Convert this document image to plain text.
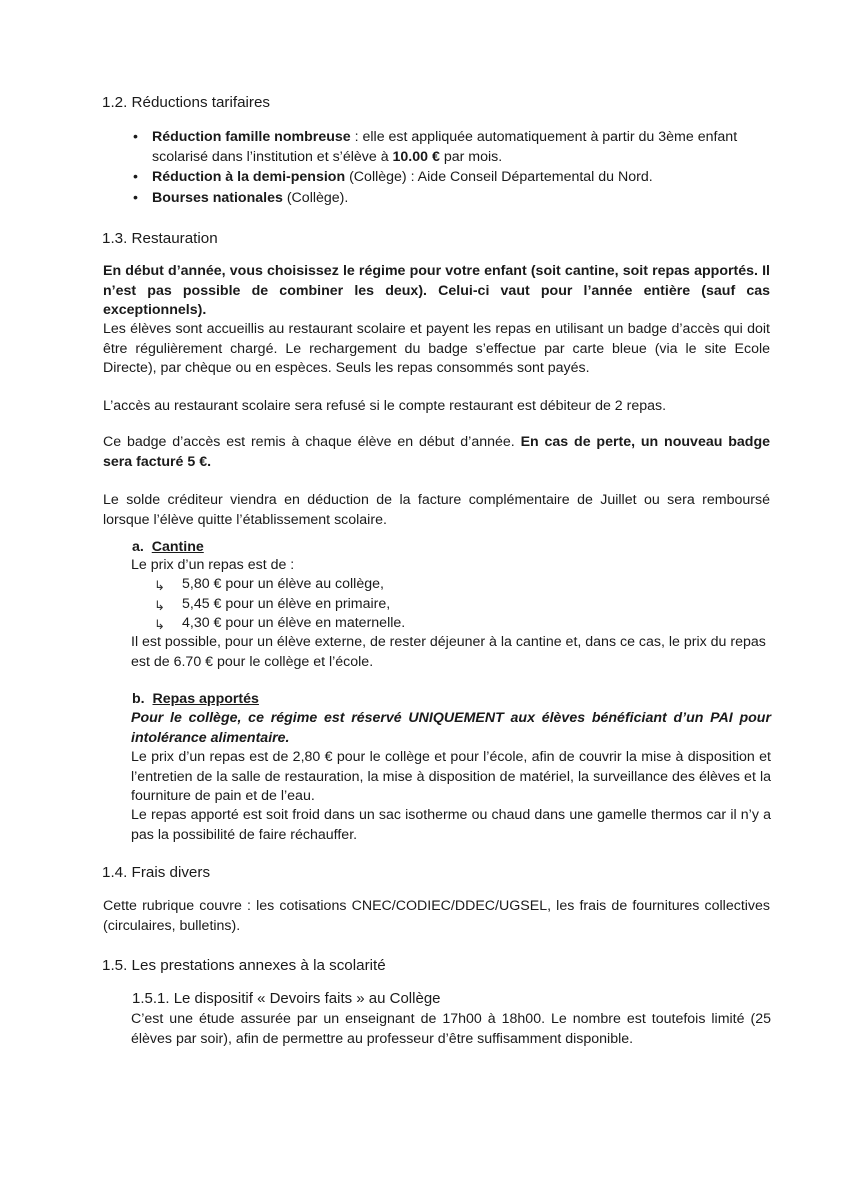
1.2. Réductions tarifaires
• Réduction famille nombreuse : elle est appliquée automatiquement à partir du 3ème enfant scolarisé dans l’institution et s’élève à 10.00 € par mois.
• Réduction à la demi-pension (Collège) : Aide Conseil Départemental du Nord.
• Bourses nationales (Collège).
1.3. Restauration
En début d’année, vous choisissez le régime pour votre enfant (soit cantine, soit repas apportés. Il n’est pas possible de combiner les deux). Celui-ci vaut pour l’année entière (sauf cas exceptionnels).
Les élèves sont accueillis au restaurant scolaire et payent les repas en utilisant un badge d’accès qui doit être régulièrement chargé. Le rechargement du badge s’effectue par carte bleue (via le site Ecole Directe), par chèque ou en espèces. Seuls les repas consommés sont payés.
L’accès au restaurant scolaire sera refusé si le compte restaurant est débiteur de 2 repas.
Ce badge d’accès est remis à chaque élève en début d’année. En cas de perte, un nouveau badge sera facturé 5 €.
Le solde créditeur viendra en déduction de la facture complémentaire de Juillet ou sera remboursé lorsque l’élève quitte l’établissement scolaire.
a. Cantine
Le prix d’un repas est de :
↳ 5,80 € pour un élève au collège,
↳ 5,45 € pour un élève en primaire,
↳ 4,30 € pour un élève en maternelle.
Il est possible, pour un élève externe, de rester déjeuner à la cantine et, dans ce cas, le prix du repas est de 6.70 € pour le collège et l’école.
b. Repas apportés
Pour le collège, ce régime est réservé UNIQUEMENT aux élèves bénéficiant d’un PAI pour intolérance alimentaire.
Le prix d’un repas est de 2,80 € pour le collège et pour l’école, afin de couvrir la mise à disposition et l’entretien de la salle de restauration, la mise à disposition de matériel, la surveillance des élèves et la fourniture de pain et de l’eau.
Le repas apporté est soit froid dans un sac isotherme ou chaud dans une gamelle thermos car il n’y a pas la possibilité de faire réchauffer.
1.4. Frais divers
Cette rubrique couvre : les cotisations CNEC/CODIEC/DDEC/UGSEL, les frais de fournitures collectives (circulaires, bulletins).
1.5. Les prestations annexes à la scolarité
1.5.1. Le dispositif « Devoirs faits » au Collège
C’est une étude assurée par un enseignant de 17h00 à 18h00. Le nombre est toutefois limité (25 élèves par soir), afin de permettre au professeur d’être suffisamment disponible.
